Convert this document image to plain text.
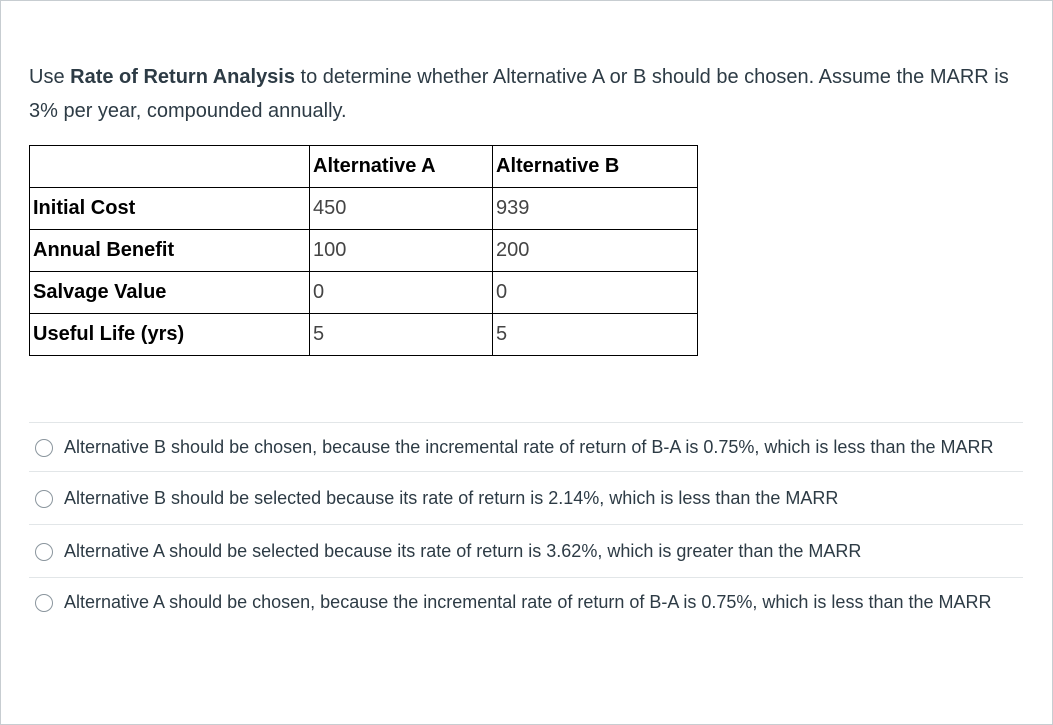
Use Rate of Return Analysis to determine whether Alternative A or B should be chosen. Assume the MARR is 3% per year, compounded annually.

	Alternative A	Alternative B
Initial Cost	450	939
Annual Benefit	100	200
Salvage Value	0	0
Useful Life (yrs)	5	5
Alternative B should be chosen, because the incremental rate of return of B-A is 0.75%, which is less than the MARR
Alternative B should be selected because its rate of return is 2.14%, which is less than the MARR
Alternative A should be selected because its rate of return is 3.62%, which is greater than the MARR
Alternative A should be chosen, because the incremental rate of return of B-A is 0.75%, which is less than the MARR
